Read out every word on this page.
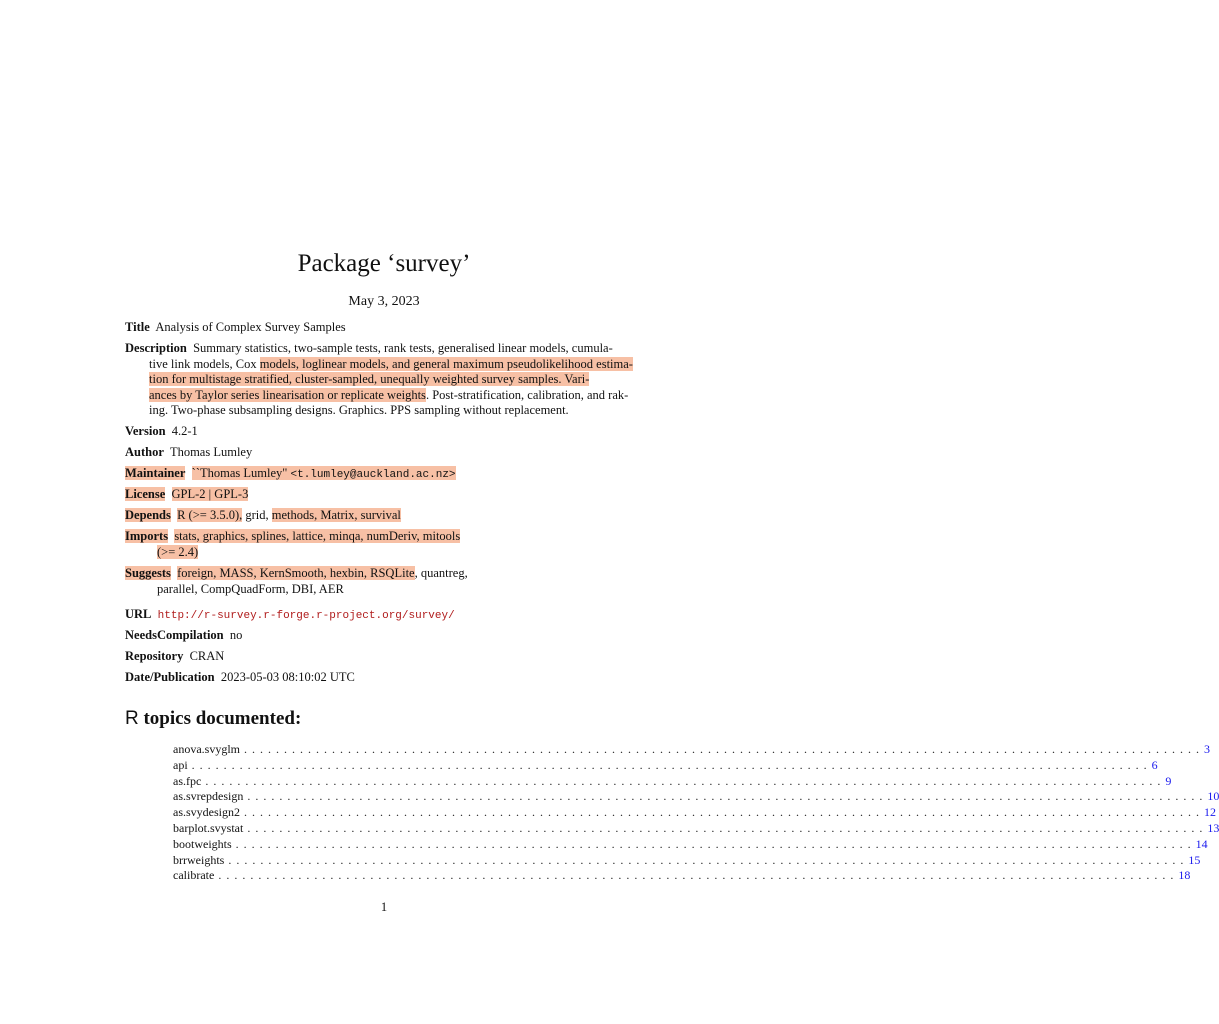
Package ‘survey’
May 3, 2023
Title Analysis of Complex Survey Samples
Description Summary statistics, two-sample tests, rank tests, generalised linear models, cumula-
tive link models, Cox models, loglinear models, and general maximum pseudolikelihood estima-
tion for multistage stratified, cluster-sampled, unequally weighted survey samples. Vari-
ances by Taylor series linearisation or replicate weights. Post-stratification, calibration, and rak-
ing. Two-phase subsampling designs. Graphics. PPS sampling without replacement.
Version 4.2-1
Author Thomas Lumley
Maintainer ``Thomas Lumley" <t.lumley@auckland.ac.nz>
License GPL-2 | GPL-3
Depends R (>= 3.5.0), grid, methods, Matrix, survival
Imports stats, graphics, splines, lattice, minqa, numDeriv, mitools
(>= 2.4)
Suggests foreign, MASS, KernSmooth, hexbin, RSQLite, quantreg,
parallel, CompQuadForm, DBI, AER
URL http://r-survey.r-forge.r-project.org/survey/
NeedsCompilation no
Repository CRAN
Date/Publication 2023-05-03 08:10:02 UTC
R topics documented:
anova.svyglm ........................................................................................................................ 3
api ........................................................................................................................ 6
as.fpc ........................................................................................................................ 9
as.svrepdesign ........................................................................................................................ 10
as.svydesign2 ........................................................................................................................ 12
barplot.svystat ........................................................................................................................ 13
bootweights ........................................................................................................................ 14
brrweights ........................................................................................................................ 15
calibrate ........................................................................................................................ 18
1
